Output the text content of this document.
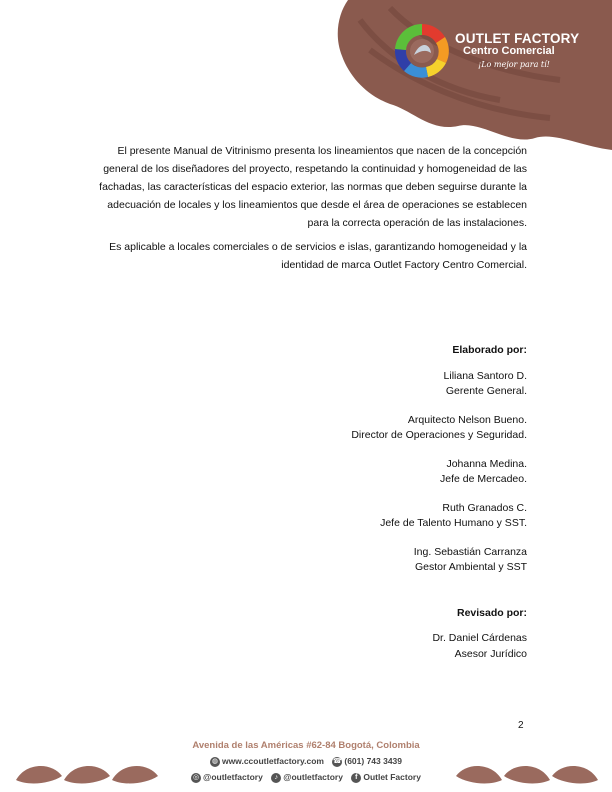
OUTLET FACTORY
Centro Comercial
¡Lo mejor para tí!

El presente Manual de Vitrinismo presenta los lineamientos que nacen de la concepción general de los diseñadores del proyecto, respetando la continuidad y homogeneidad de las fachadas, las características del espacio exterior, las normas que deben seguirse durante la adecuación de locales y los lineamientos que desde el área de operaciones se establecen para la correcta operación de las instalaciones.

Es aplicable a locales comerciales o de servicios e islas, garantizando homogeneidad y la identidad de marca Outlet Factory Centro Comercial.

Elaborado por:
Liliana Santoro D.
Gerente General.
Arquitecto Nelson Bueno.
Director de Operaciones y Seguridad.
Johanna Medina.
Jefe de Mercadeo.
Ruth Granados C.
Jefe de Talento Humano y SST.
Ing. Sebastián Carranza
Gestor Ambiental y SST
Revisado por:
Dr. Daniel Cárdenas
Asesor Jurídico
2
Avenida de las Américas #62-84 Bogotá, Colombia
◍ www.ccoutletfactory.com ☎ (601) 743 3439
◎ @outletfactory ♪ @outletfactory f Outlet Factory
